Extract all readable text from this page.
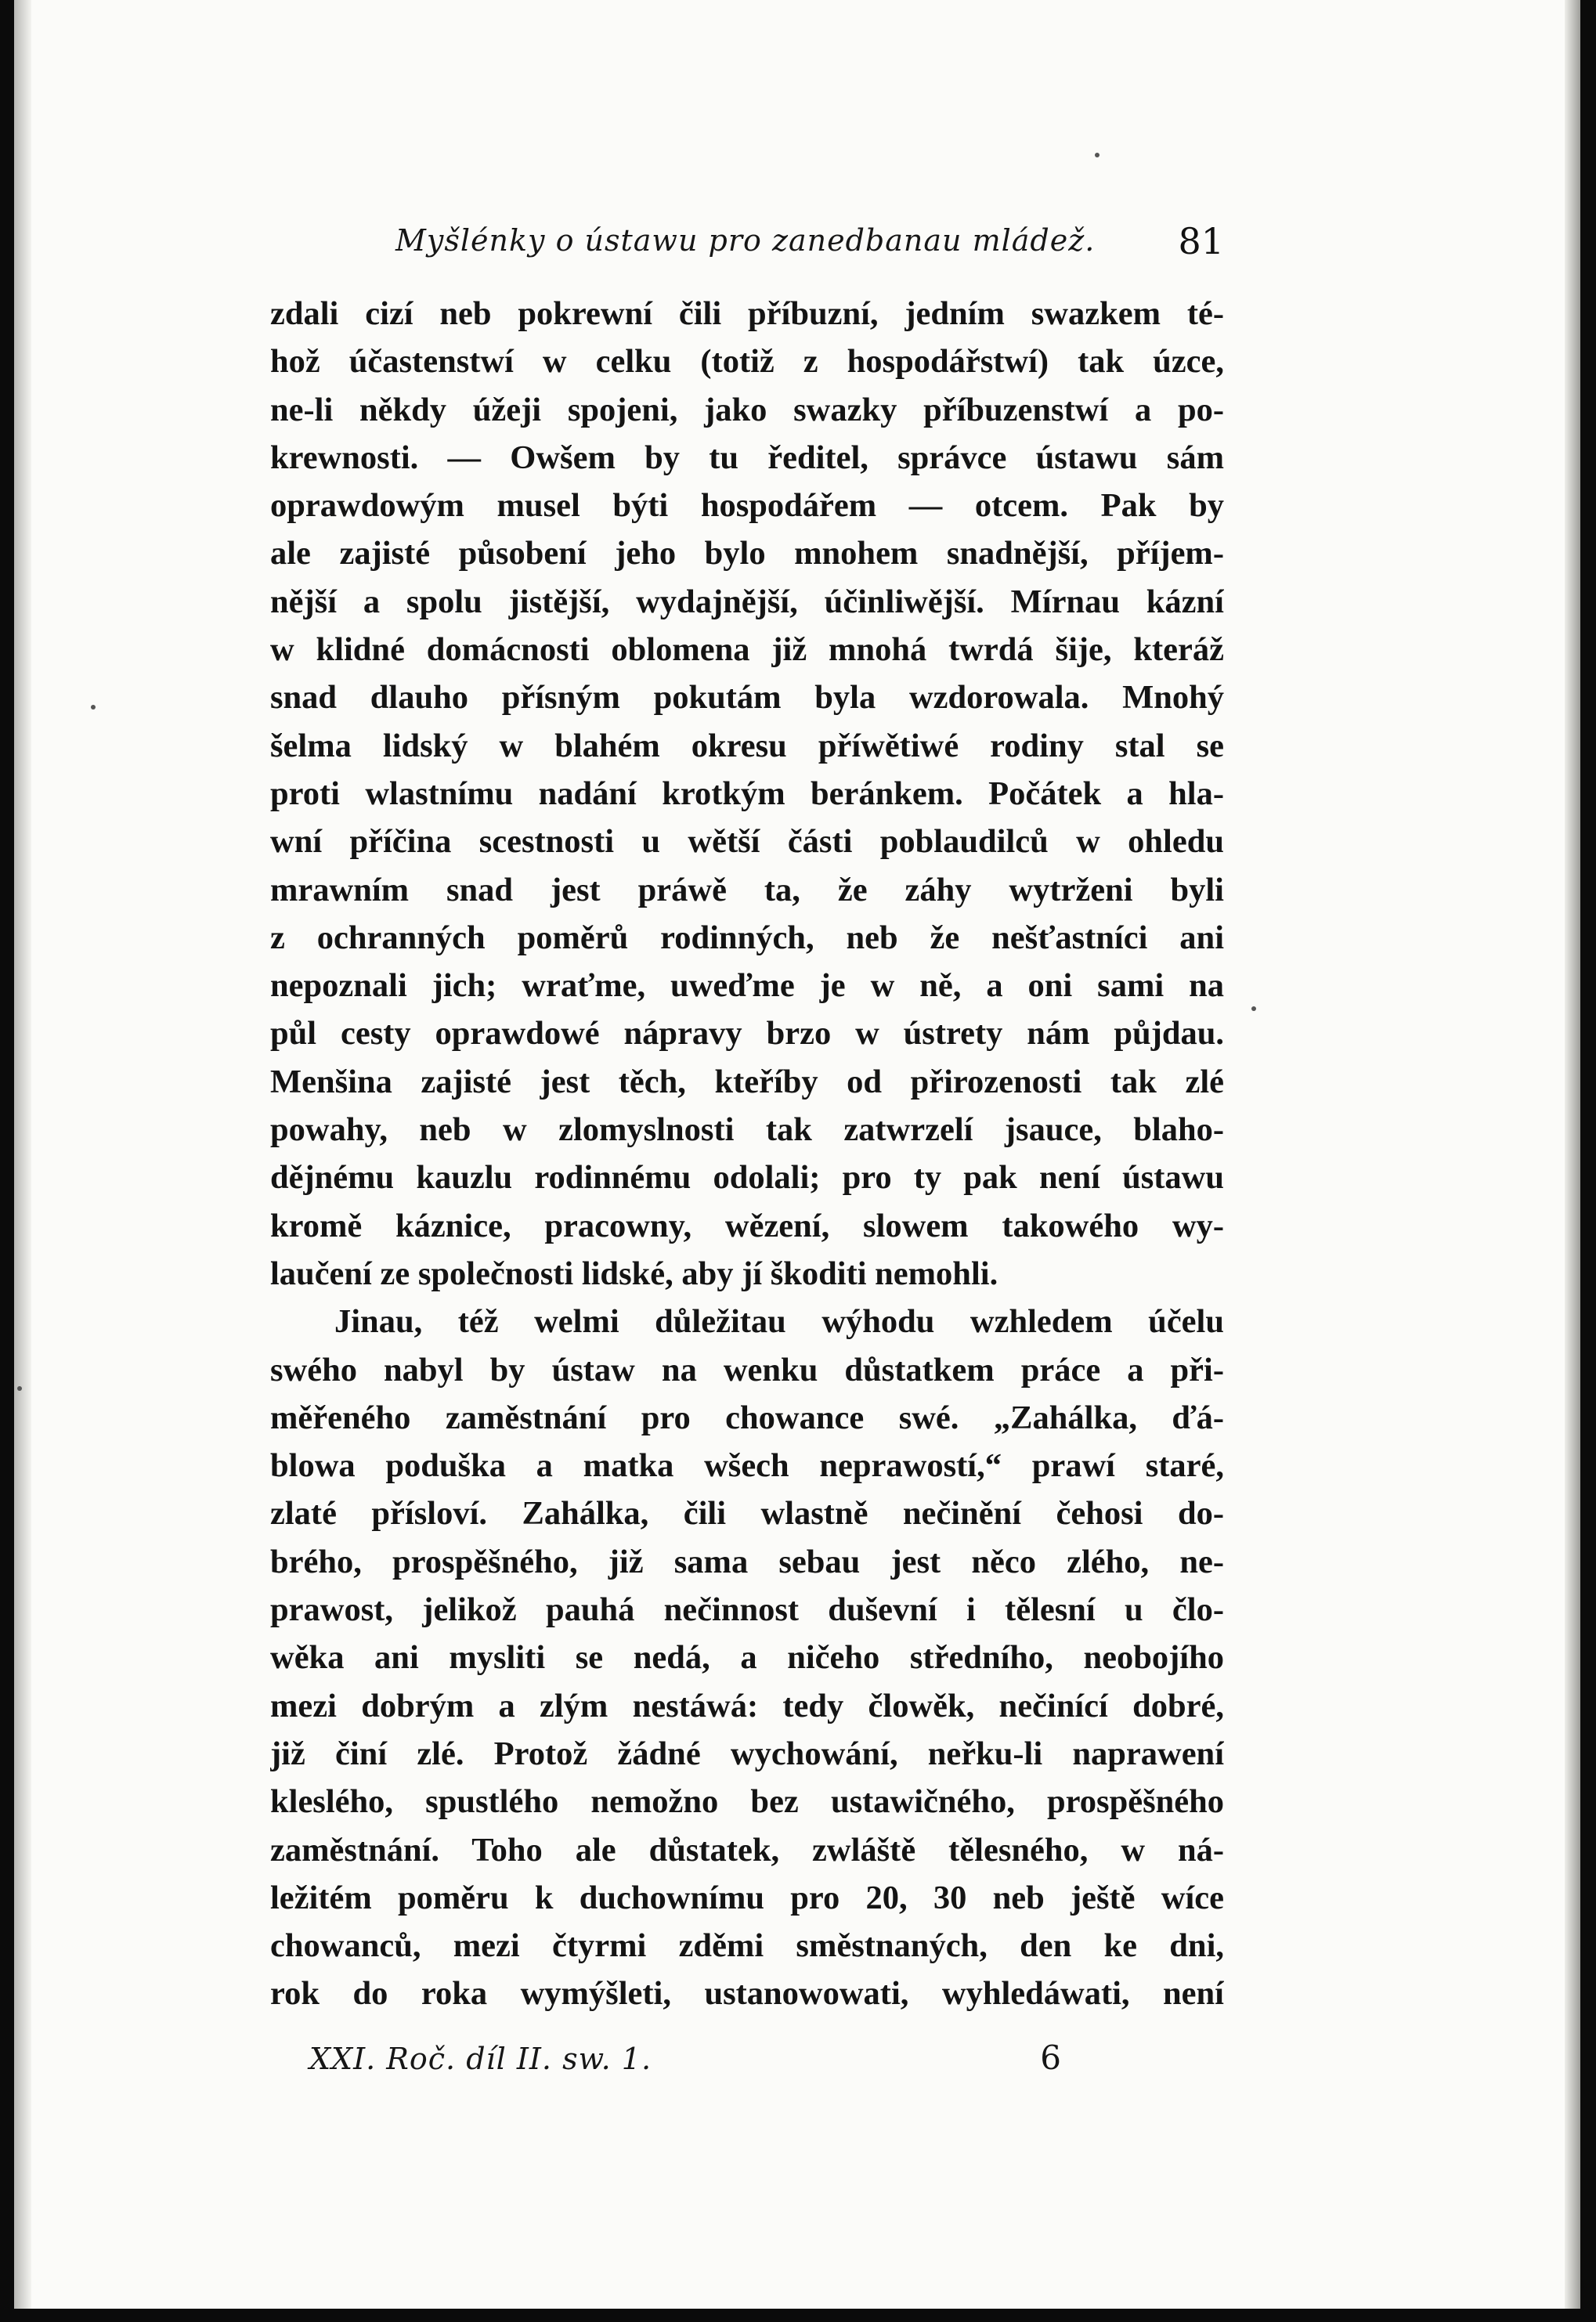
Myšlénky o ústawu pro zanedbanau mládež. 81
zdali cizí neb pokrewní čili příbuzní, jedním swazkem té-
hož účastenstwí w celku (totiž z hospodářstwí) tak úzce,
ne-li někdy úžeji spojeni, jako swazky příbuzenstwí a po-
krewnosti. — Owšem by tu ředitel, správce ústawu sám
oprawdowým musel býti hospodářem — otcem. Pak by
ale zajisté působení jeho bylo mnohem snadnější, příjem-
nější a spolu jistější, wydajnější, účinliwější. Mírnau kázní
w klidné domácnosti oblomena již mnohá twrdá šije, kteráž
snad dlauho přísným pokutám byla wzdorowala. Mnohý
šelma lidský w blahém okresu příwětiwé rodiny stal se
proti wlastnímu nadání krotkým beránkem. Počátek a hla-
wní příčina scestnosti u wětší části poblaudilců w ohledu
mrawním snad jest práwě ta, že záhy wytrženi byli
z ochranných poměrů rodinných, neb že nešťastníci ani
nepoznali jich; wraťme, uweďme je w ně, a oni sami na
půl cesty oprawdowé nápravy brzo w ústrety nám půjdau.
Menšina zajisté jest těch, kteříby od přirozenosti tak zlé
powahy, neb w zlomyslnosti tak zatwrzelí jsauce, blaho-
dějnému kauzlu rodinnému odolali; pro ty pak není ústawu
kromě káznice, pracowny, wězení, slowem takowého wy-
laučení ze společnosti lidské, aby jí škoditi nemohli.
Jinau, též welmi důležitau wýhodu wzhledem účelu
swého nabyl by ústaw na wenku důstatkem práce a při-
měřeného zaměstnání pro chowance swé. „Zahálka, ďá-
blowa poduška a matka wšech neprawostí,“ prawí staré,
zlaté přísloví. Zahálka, čili wlastně nečinění čehosi do-
brého, prospěšného, již sama sebau jest něco zlého, ne-
prawost, jelikož pauhá nečinnost duševní i tělesní u člo-
wěka ani mysliti se nedá, a ničeho středního, neobojího
mezi dobrým a zlým nestáwá: tedy člowěk, nečinící dobré,
již činí zlé. Protož žádné wychowání, neřku-li naprawení
kleslého, spustlého nemožno bez ustawičného, prospěšného
zaměstnání. Toho ale důstatek, zwláště tělesného, w ná-
ležitém poměru k duchownímu pro 20, 30 neb ještě wíce
chowanců, mezi čtyrmi zděmi směstnaných, den ke dni,
rok do roka wymýšleti, ustanowowati, wyhledáwati, není
XXI. Roč. díl II. sw. 1.	6
